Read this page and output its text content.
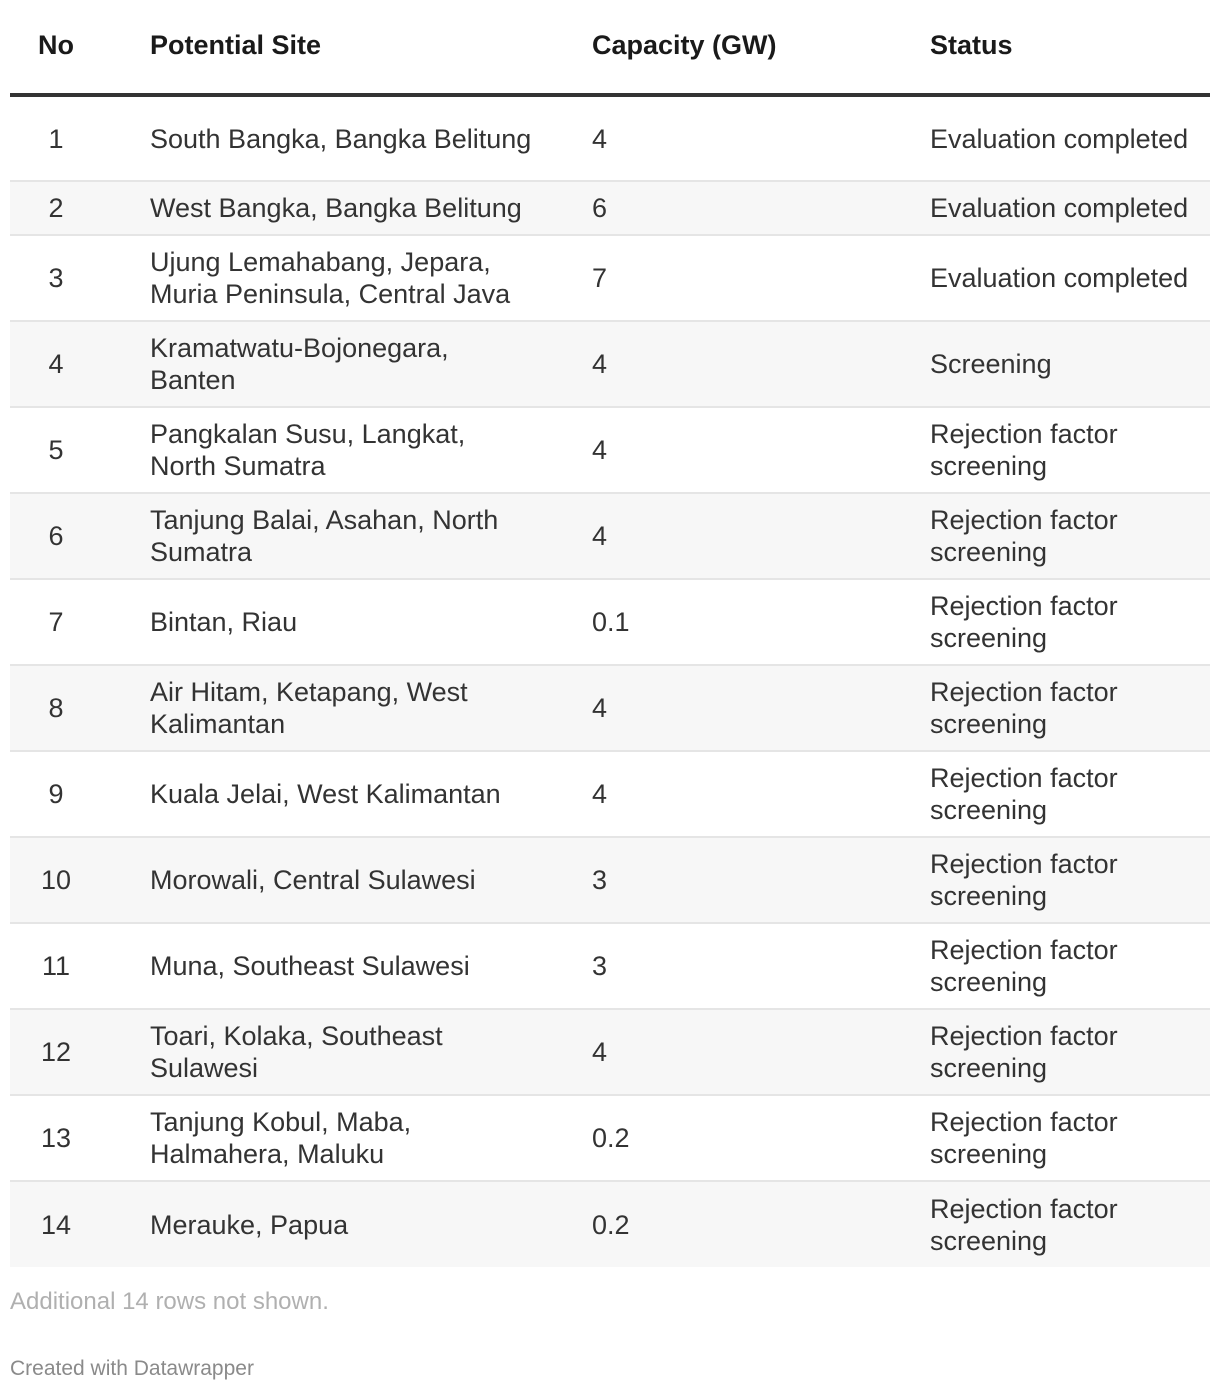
No	Potential Site	Capacity (GW)	Status
1	South Bangka, Bangka Belitung	4	Evaluation completed
2	West Bangka, Bangka Belitung	6	Evaluation completed
3	Ujung Lemahabang, Jepara, Muria Peninsula, Central Java	7	Evaluation completed
4	Kramatwatu-Bojonegara, Banten	4	Screening
5	Pangkalan Susu, Langkat, North Sumatra	4	Rejection factor screening
6	Tanjung Balai, Asahan, North Sumatra	4	Rejection factor screening
7	Bintan, Riau	0.1	Rejection factor screening
8	Air Hitam, Ketapang, West Kalimantan	4	Rejection factor screening
9	Kuala Jelai, West Kalimantan	4	Rejection factor screening
10	Morowali, Central Sulawesi	3	Rejection factor screening
11	Muna, Southeast Sulawesi	3	Rejection factor screening
12	Toari, Kolaka, Southeast Sulawesi	4	Rejection factor screening
13	Tanjung Kobul, Maba, Halmahera, Maluku	0.2	Rejection factor screening
14	Merauke, Papua	0.2	Rejection factor screening
Additional 14 rows not shown.
Created with Datawrapper
